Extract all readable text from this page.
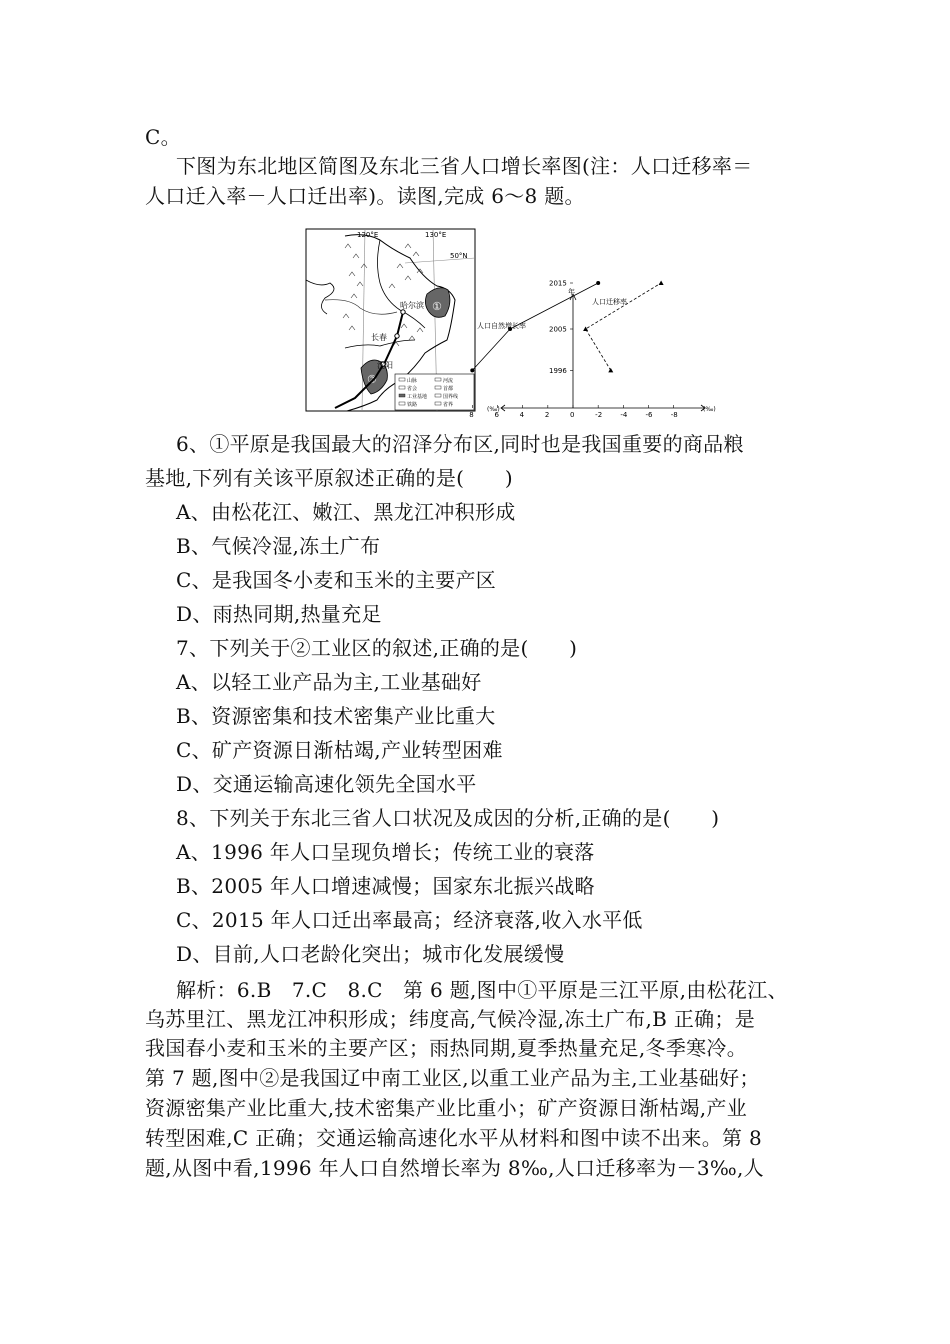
C。
下图为东北地区简图及东北三省人口增长率图(注：人口迁移率＝
人口迁入率－人口迁出率)。读图,完成 6～8 题。
6、①平原是我国最大的沼泽分布区,同时也是我国重要的商品粮
基地,下列有关该平原叙述正确的是(　　)
A、由松花江、嫩江、黑龙江冲积形成
B、气候冷湿,冻土广布
C、是我国冬小麦和玉米的主要产区
D、雨热同期,热量充足
7、下列关于②工业区的叙述,正确的是(　　)
A、以轻工业产品为主,工业基础好
B、资源密集和技术密集产业比重大
C、矿产资源日渐枯竭,产业转型困难
D、交通运输高速化领先全国水平
8、下列关于东北三省人口状况及成因的分析,正确的是(　　)
A、1996 年人口呈现负增长；传统工业的衰落
B、2005 年人口增速减慢；国家东北振兴战略
C、2015 年人口迁出率最高；经济衰落,收入水平低
D、目前,人口老龄化突出；城市化发展缓慢
解析：6.B　7.C　8.C　第 6 题,图中①平原是三江平原,由松花江、
乌苏里江、黑龙江冲积形成；纬度高,气候冷湿,冻土广布,B 正确；是
我国春小麦和玉米的主要产区；雨热同期,夏季热量充足,冬季寒冷。
第 7 题,图中②是我国辽中南工业区,以重工业产品为主,工业基础好；
资源密集产业比重大,技术密集产业比重小；矿产资源日渐枯竭,产业
转型困难,C 正确；交通运输高速化水平从材料和图中读不出来。第 8
题,从图中看,1996 年人口自然增长率为 8‰,人口迁移率为－3‰,人
120°E	130°E
50°N
①
②
哈尔滨
长春
沈阳
山脉	河流
省会	首都
工业基地	国界线
铁路	省界
年
(‰)	(‰)
8	6	4	2	0	-2	-4	-6	-8
2015
2005
1996
人口自然增长率
人口迁移率
